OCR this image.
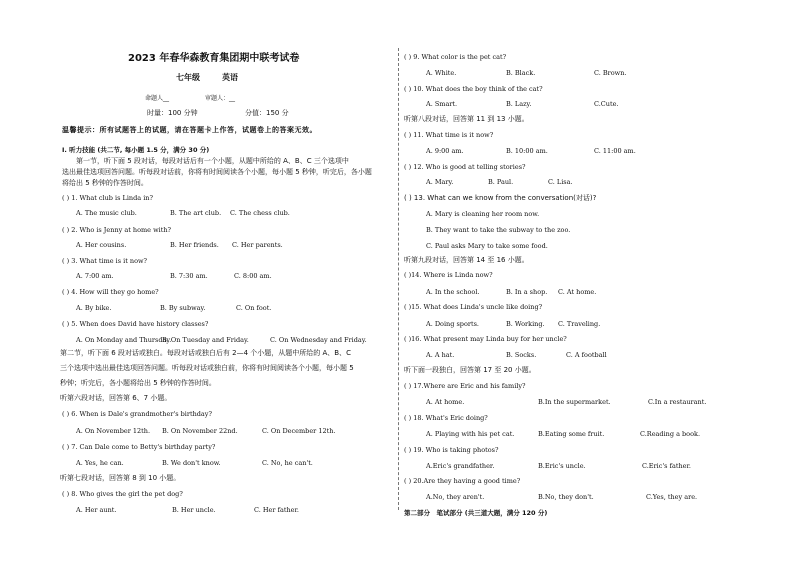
2023 年春华森教育集团期中联考试卷
七年级	英语
命题人__	审题人：__
时量：100 分钟	分值：150 分
温馨提示：所有试题答上的试题，请在答题卡上作答，试题卷上的答案无效。
I. 听力技能 (共二节, 每小题 1.5 分，满分 30 分)
第一节，听下面 5 段对话，每段对话后有一个小题，从题中所给的 A、B、C 三个选项中
选出最佳选项回答问题。听每段对话前，你将有时间阅读各个小题，每小题 5 秒钟，听完后，各小题
将给出 5 秒钟的作答时间。
( ) 1. What club is Linda in?
A. The music club.	B. The art club. C. The chess club.
( ) 2. Who is Jenny at home with?
A. Her cousins.	B. Her friends. C. Her parents.
( ) 3. What time is it now?
A. 7:00 am.	B. 7:30 am.	C. 8:00 am.
( ) 4. How will they go home?
A. By bike.	B. By subway.	C. On foot.
( ) 5. When does David have history classes?
A. On Monday and Thursday.
B. On Tuesday and Friday.	C. On Wednesday and Friday.
第二节，听下面 6 段对话或独白。每段对话或独白后有 2—4 个小题，从题中所给的 A、B、C
三个选项中选出最佳选项回答问题。听每段对话或独白前，你将有时间阅读各个小题，每小题 5
秒钟；听完后，各小题将给出 5 秒钟的作答时间。
听第六段对话，回答第 6、7 小题。
( ) 6. When is Dale's grandmother's birthday?
A. On November 12th. B. On November 22nd.	C. On December 12th.
( ) 7. Can Dale come to Betty's birthday party?
A. Yes, he can.	B. We don't know.	C. No, he can't.
听第七段对话，回答第 8 到 10 小题。
( ) 8. Who gives the girl the pet dog?
A. Her aunt.	B. Her uncle.	C. Her father.
( ) 9. What color is the pet cat?
A. White.	B. Black.	C. Brown.
( ) 10. What does the boy think of the cat?
A. Smart.	B. Lazy.	C.Cute.
听第八段对话，回答第 11 到 13 小题。
( ) 11. What time is it now?
A. 9:00 am.	B. 10:00 am.	C. 11:00 am.
( ) 12. Who is good at telling stories?
A. Mary.	B. Paul.	C. Lisa.
( ) 13. What can we know from the conversation(对话)?
A. Mary is cleaning her room now.
B. They want to take the subway to the zoo.
C. Paul asks Mary to take some food.
听第九段对话，回答第 14 至 16 小题。
( )14. Where is Linda now?
A. In the school.	B. In a shop. C. At home.
( )15. What does Linda's uncle like doing?
A. Doing sports.	B. Working. C. Traveling.
( )16. What present may Linda buy for her uncle?
A. A hat.	B. Socks.	C. A football
听下面一段独白，回答第 17 至 20 小题。
( ) 17.Where are Eric and his family?
A. At home.	B.In the supermarket.	C.In a restaurant.
( ) 18. What's Eric doing?
A. Playing with his pet cat.	B.Eating some fruit.	C.Reading a book.
( ) 19. Who is taking photos?
A.Eric's grandfather.	B.Eric's uncle.	C.Eric's father.
( ) 20.Are they having a good time?
A.No, they aren't.	B.No, they don't.	C.Yes, they are.
第二部分　笔试部分 (共三道大题，满分 120 分)
